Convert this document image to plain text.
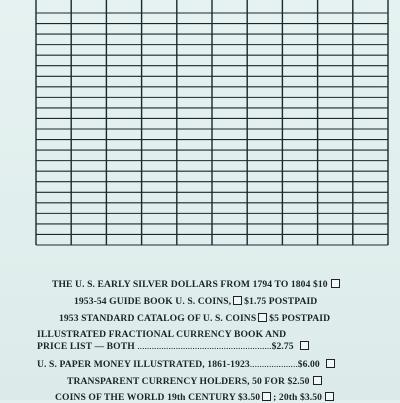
THE U. S. EARLY SILVER DOLLARS FROM 1794 TO 1804 $10
1953-54 GUIDE BOOK U. S. COINS, $1.75 POSTPAID
1953 STANDARD CATALOG OF U. S. COINS $5 POSTPAID
ILLUSTRATED FRACTIONAL CURRENCY BOOK AND
PRICE LIST — BOTH ........................................................$2.75
U. S. PAPER MONEY ILLUSTRATED, 1861-1923....................$6.00
TRANSPARENT CURRENCY HOLDERS, 50 FOR $2.50
COINS OF THE WORLD 19th CENTURY $3.50 ; 20th $3.50
